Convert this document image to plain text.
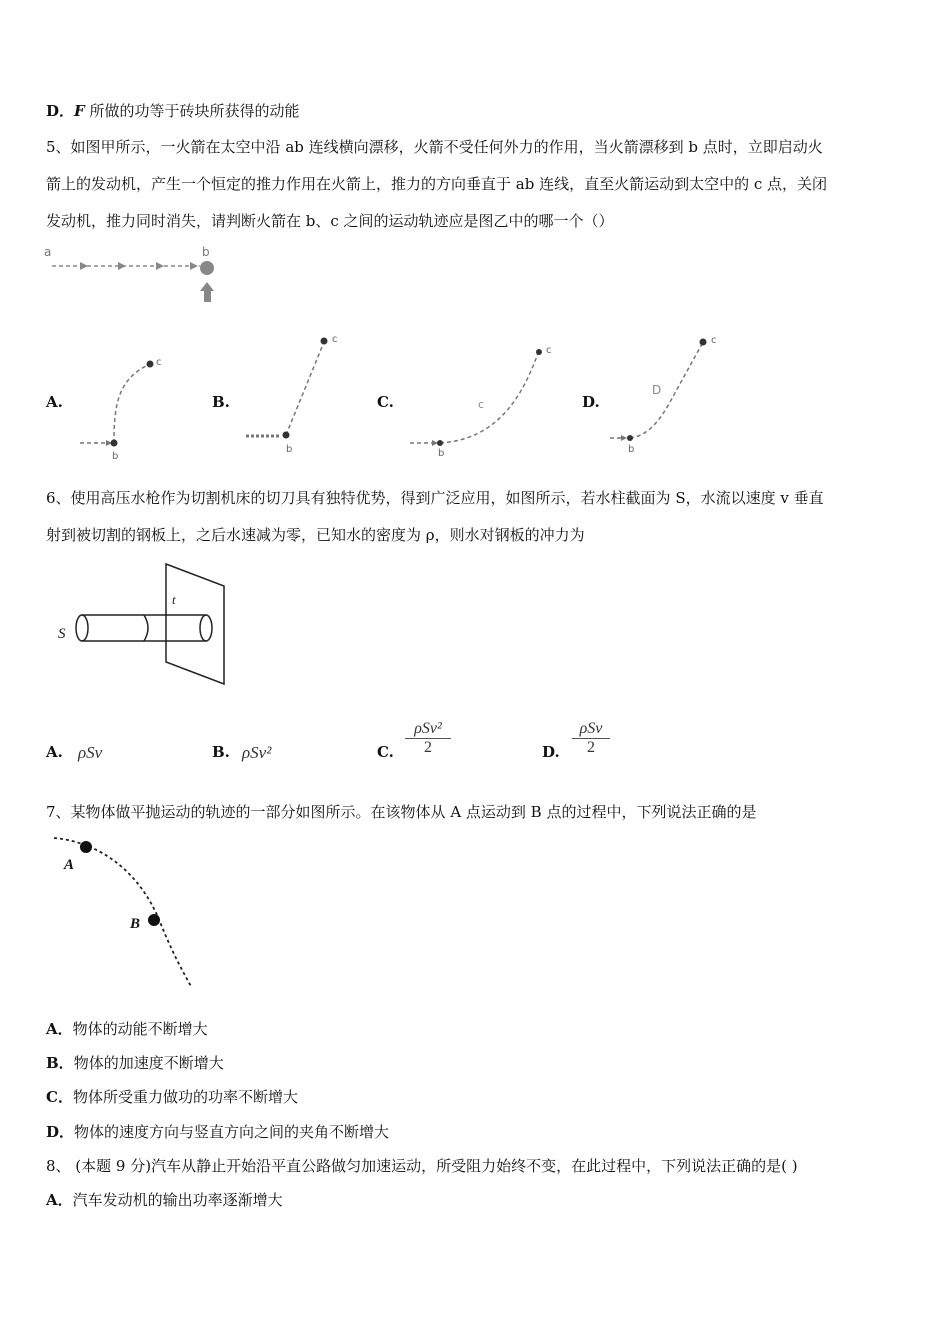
D．F 所做的功等于砖块所获得的动能
5、如图甲所示，一火箭在太空中沿 ab 连线横向漂移，火箭不受任何外力的作用，当火箭漂移到 b 点时，立即启动火
箭上的发动机，产生一个恒定的推力作用在火箭上，推力的方向垂直于 ab 连线，直至火箭运动到太空中的 c 点，关闭
发动机，推力同时消失，请判断火箭在 b、c 之间的运动轨迹应是图乙中的哪一个（）
a	b
A.
b
c
B.
b
c
C.
b
c
c	D.
b
c
D
6、使用高压水枪作为切割机床的切刀具有独特优势，得到广泛应用，如图所示，若水柱截面为 S，水流以速度 v 垂直
射到被切割的钢板上，之后水速减为零，已知水的密度为 ρ，则水对钢板的冲力为
S
t
A. ρSv	B. ρSv²	C.
ρSv²
2	D.
ρSv
2
7、某物体做平抛运动的轨迹的一部分如图所示。在该物体从 A 点运动到 B 点的过程中，下列说法正确的是
A
B
A．物体的动能不断增大
B．物体的加速度不断增大
C．物体所受重力做功的功率不断增大
D．物体的速度方向与竖直方向之间的夹角不断增大
8、 (本题 9 分)汽车从静止开始沿平直公路做匀加速运动，所受阻力始终不变，在此过程中，下列说法正确的是( )
A．汽车发动机的输出功率逐渐增大
